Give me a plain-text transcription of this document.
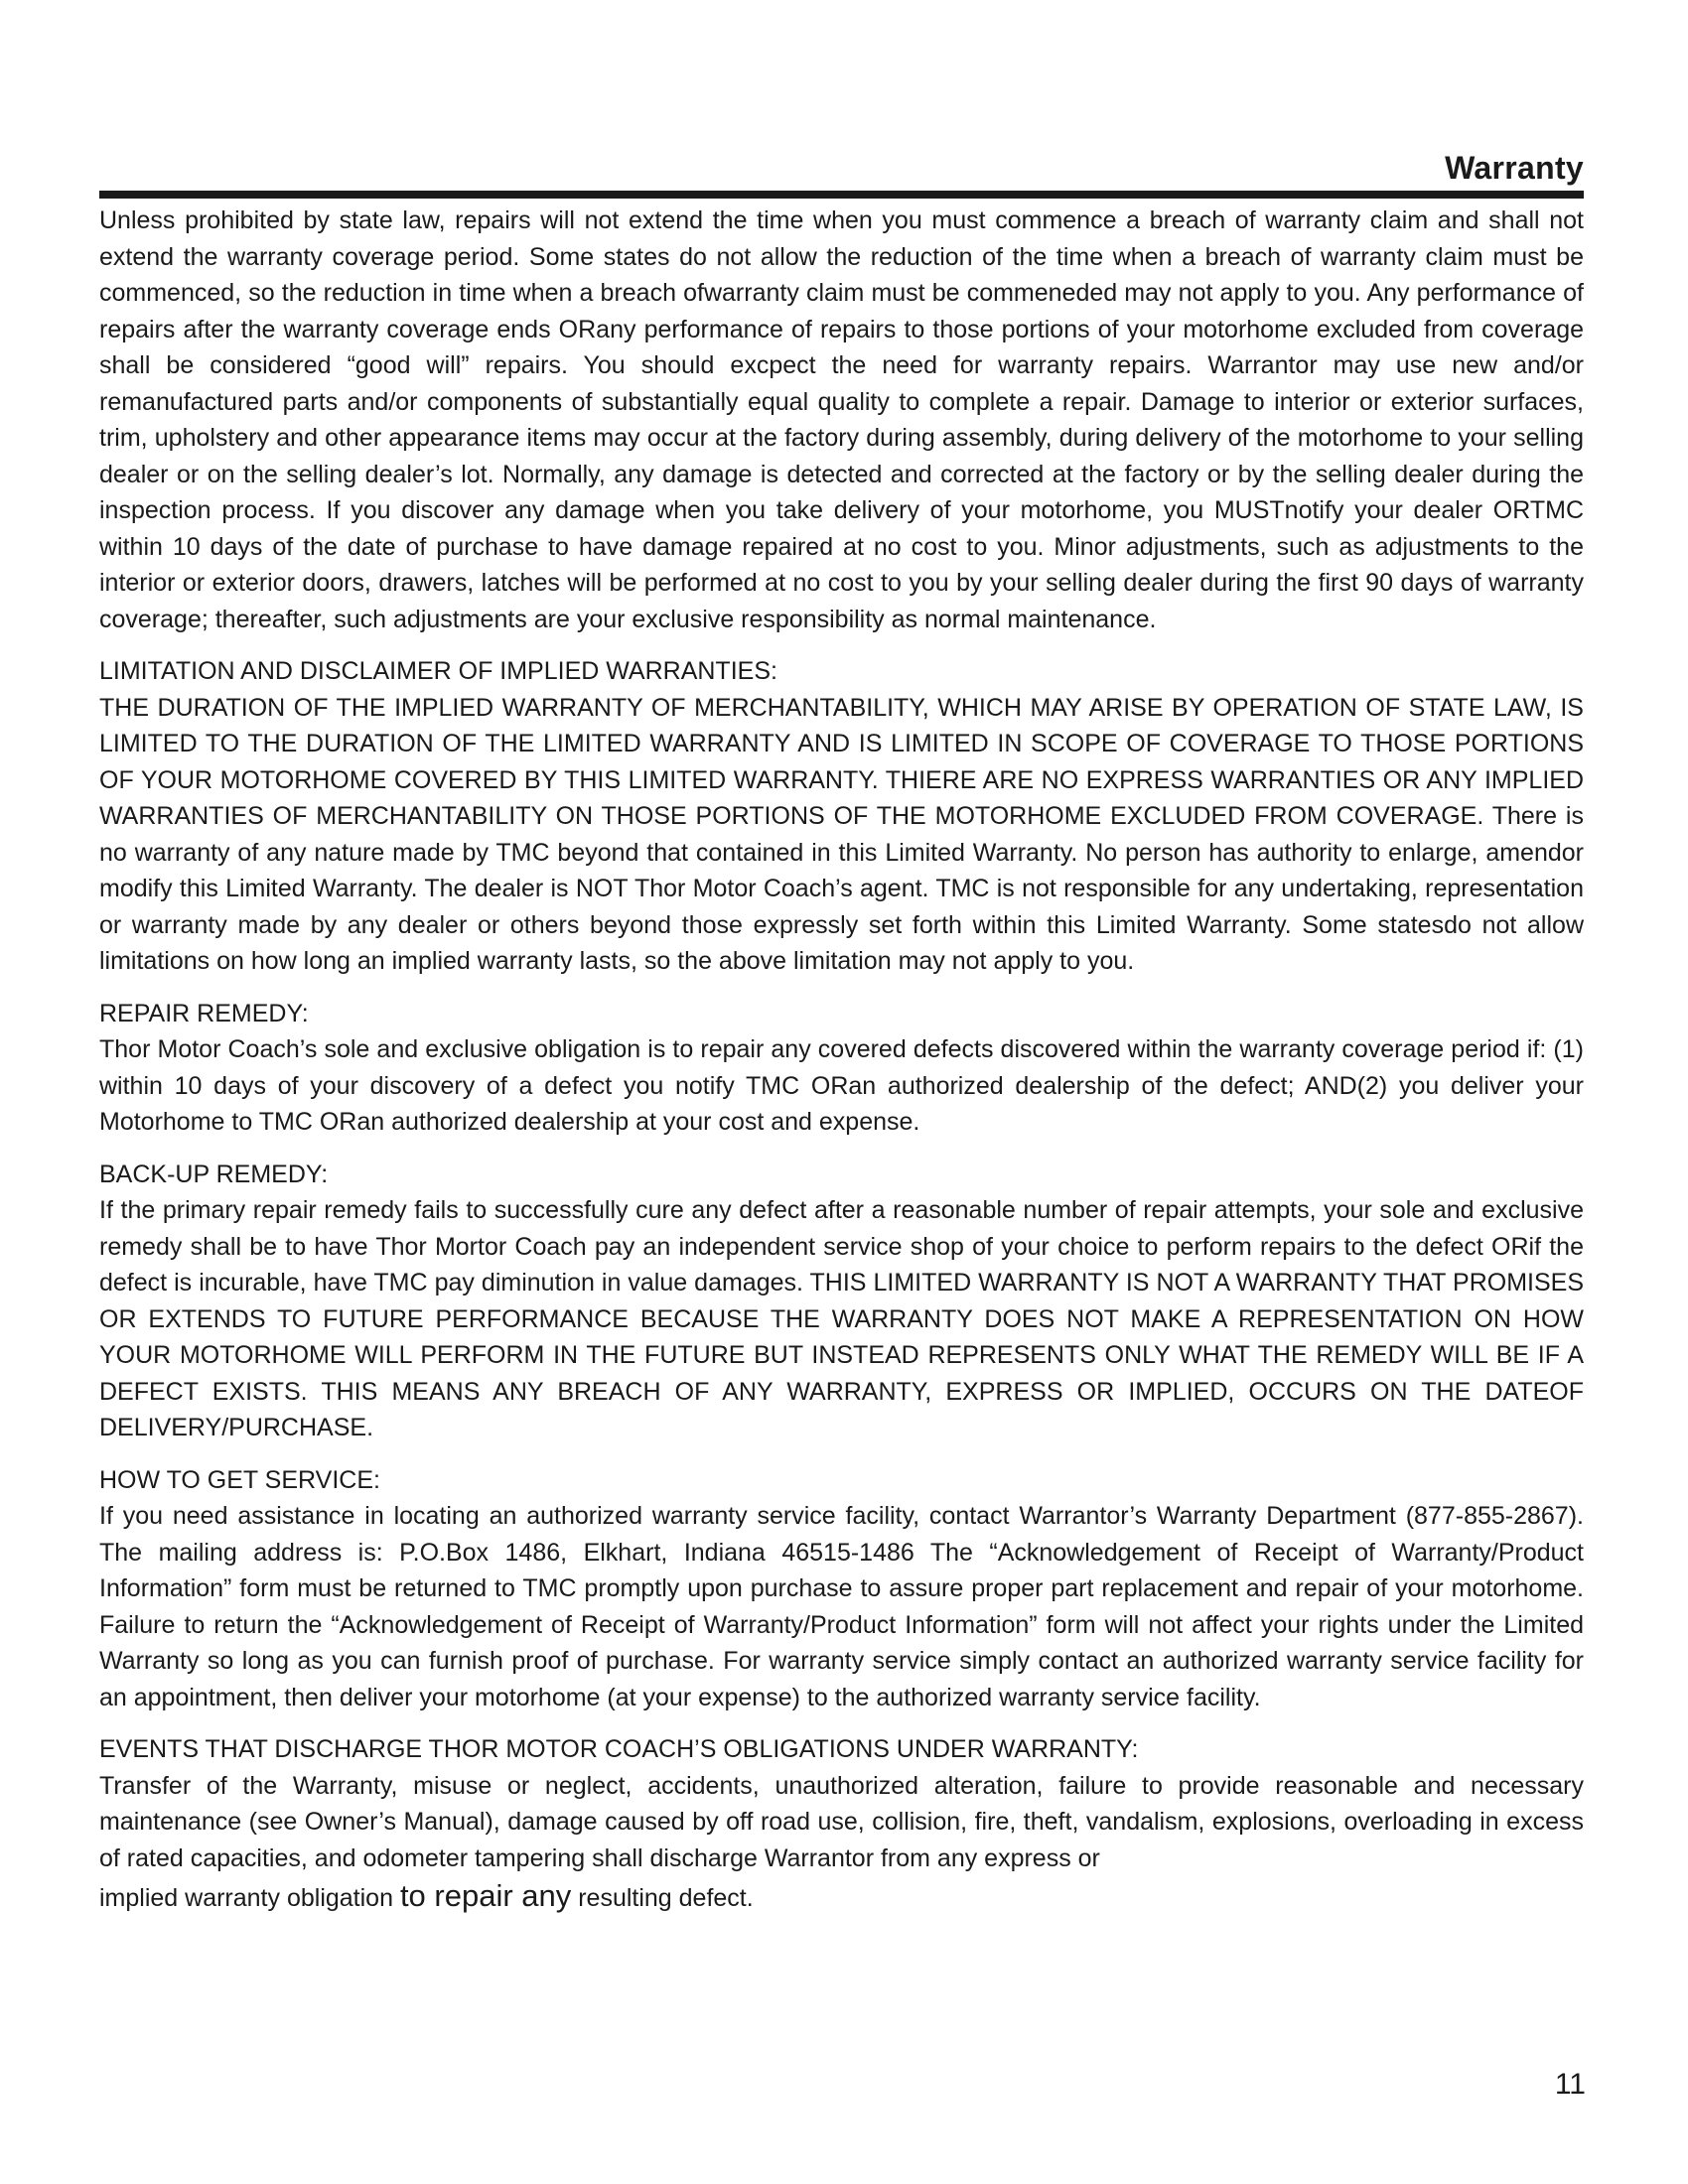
Warranty

Unless prohibited by state law, repairs will not extend the time when you must commence a breach of warranty claim and shall not extend the warranty coverage period. Some states do not allow the reduction of the time when a breach of warranty claim must be commenced, so the reduction in time when a breach ofwarranty claim must be commeneded may not apply to you. Any performance of repairs after the warranty coverage ends ORany performance of repairs to those portions of your motorhome excluded from coverage shall be considered “good will” repairs. You should excpect the need for warranty repairs. Warrantor may use new and/or remanufactured parts and/or components of substantially equal quality to complete a repair. Damage to interior or exterior surfaces, trim, upholstery and other appearance items may occur at the factory during assembly, during delivery of the motorhome to your selling dealer or on the selling dealer’s lot. Normally, any damage is detected and corrected at the factory or by the selling dealer during the inspection process. If you discover any damage when you take delivery of your motorhome, you MUSTnotify your dealer ORTMC within 10 days of the date of purchase to have damage repaired at no cost to you. Minor adjustments, such as adjustments to the interior or exterior doors, drawers, latches will be performed at no cost to you by your selling dealer during the first 90 days of warranty coverage; thereafter, such adjustments are your exclusive responsibility as normal maintenance.

LIMITATION AND DISCLAIMER OF IMPLIED WARRANTIES:

THE DURATION OF THE IMPLIED WARRANTY OF MERCHANTABILITY, WHICH MAY ARISE BY OPERATION OF STATE LAW, IS LIMITED TO THE DURATION OF THE LIMITED WARRANTY AND IS LIMITED IN SCOPE OF COVERAGE TO THOSE PORTIONS OF YOUR MOTORHOME COVERED BY THIS LIMITED WARRANTY. THIERE ARE NO EXPRESS WARRANTIES OR ANY IMPLIED WARRANTIES OF MERCHANTABILITY ON THOSE PORTIONS OF THE MOTORHOME EXCLUDED FROM COVERAGE. There is no warranty of any nature made by TMC beyond that contained in this Limited Warranty. No person has authority to enlarge, amendor modify this Limited Warranty. The dealer is NOT Thor Motor Coach’s agent. TMC is not responsible for any undertaking, representation or warranty made by any dealer or others beyond those expressly set forth within this Limited Warranty. Some statesdo not allow limitations on how long an implied warranty lasts, so the above limitation may not apply to you.

REPAIR REMEDY:

Thor Motor Coach’s sole and exclusive obligation is to repair any covered defects discovered within the warranty coverage period if: (1) within 10 days of your discovery of a defect you notify TMC ORan authorized dealership of the defect; AND(2) you deliver your Motorhome to TMC ORan authorized dealership at your cost and expense.

BACK-UP REMEDY:

If the primary repair remedy fails to successfully cure any defect after a reasonable number of repair attempts, your sole and exclusive remedy shall be to have Thor Mortor Coach pay an independent service shop of your choice to perform repairs to the defect ORif the defect is incurable, have TMC pay diminution in value damages. THIS LIMITED WARRANTY IS NOT A WARRANTY THAT PROMISES OR EXTENDS TO FUTURE PERFORMANCE BECAUSE THE WARRANTY DOES NOT MAKE A REPRESENTATION ON HOW YOUR MOTORHOME WILL PERFORM IN THE FUTURE BUT INSTEAD REPRESENTS ONLY WHAT THE REMEDY WILL BE IF A DEFECT EXISTS. THIS MEANS ANY BREACH OF ANY WARRANTY, EXPRESS OR IMPLIED, OCCURS ON THE DATEOF DELIVERY/PURCHASE.

HOW TO GET SERVICE:

If you need assistance in locating an authorized warranty service facility, contact Warrantor’s Warranty Department (877-855-2867). The mailing address is: P.O.Box 1486, Elkhart, Indiana 46515-1486 The “Acknowledgement of Receipt of Warranty/Product Information” form must be returned to TMC promptly upon purchase to assure proper part replacement and repair of your motorhome. Failure to return the “Acknowledgement of Receipt of Warranty/Product Information” form will not affect your rights under the Limited Warranty so long as you can furnish proof of purchase. For warranty service simply contact an authorized warranty service facility for an appointment, then deliver your motorhome (at your expense) to the authorized warranty service facility.

EVENTS THAT DISCHARGE THOR MOTOR COACH’S OBLIGATIONS UNDER WARRANTY:

Transfer of the Warranty, misuse or neglect, accidents, unauthorized alteration, failure to provide reasonable and necessary maintenance (see Owner’s Manual), damage caused by off road use, collision, fire, theft, vandalism, explosions, overloading in excess of rated capacities, and odometer tampering shall discharge Warrantor from any express or

implied warranty obligation to repair any resulting defect.

11
